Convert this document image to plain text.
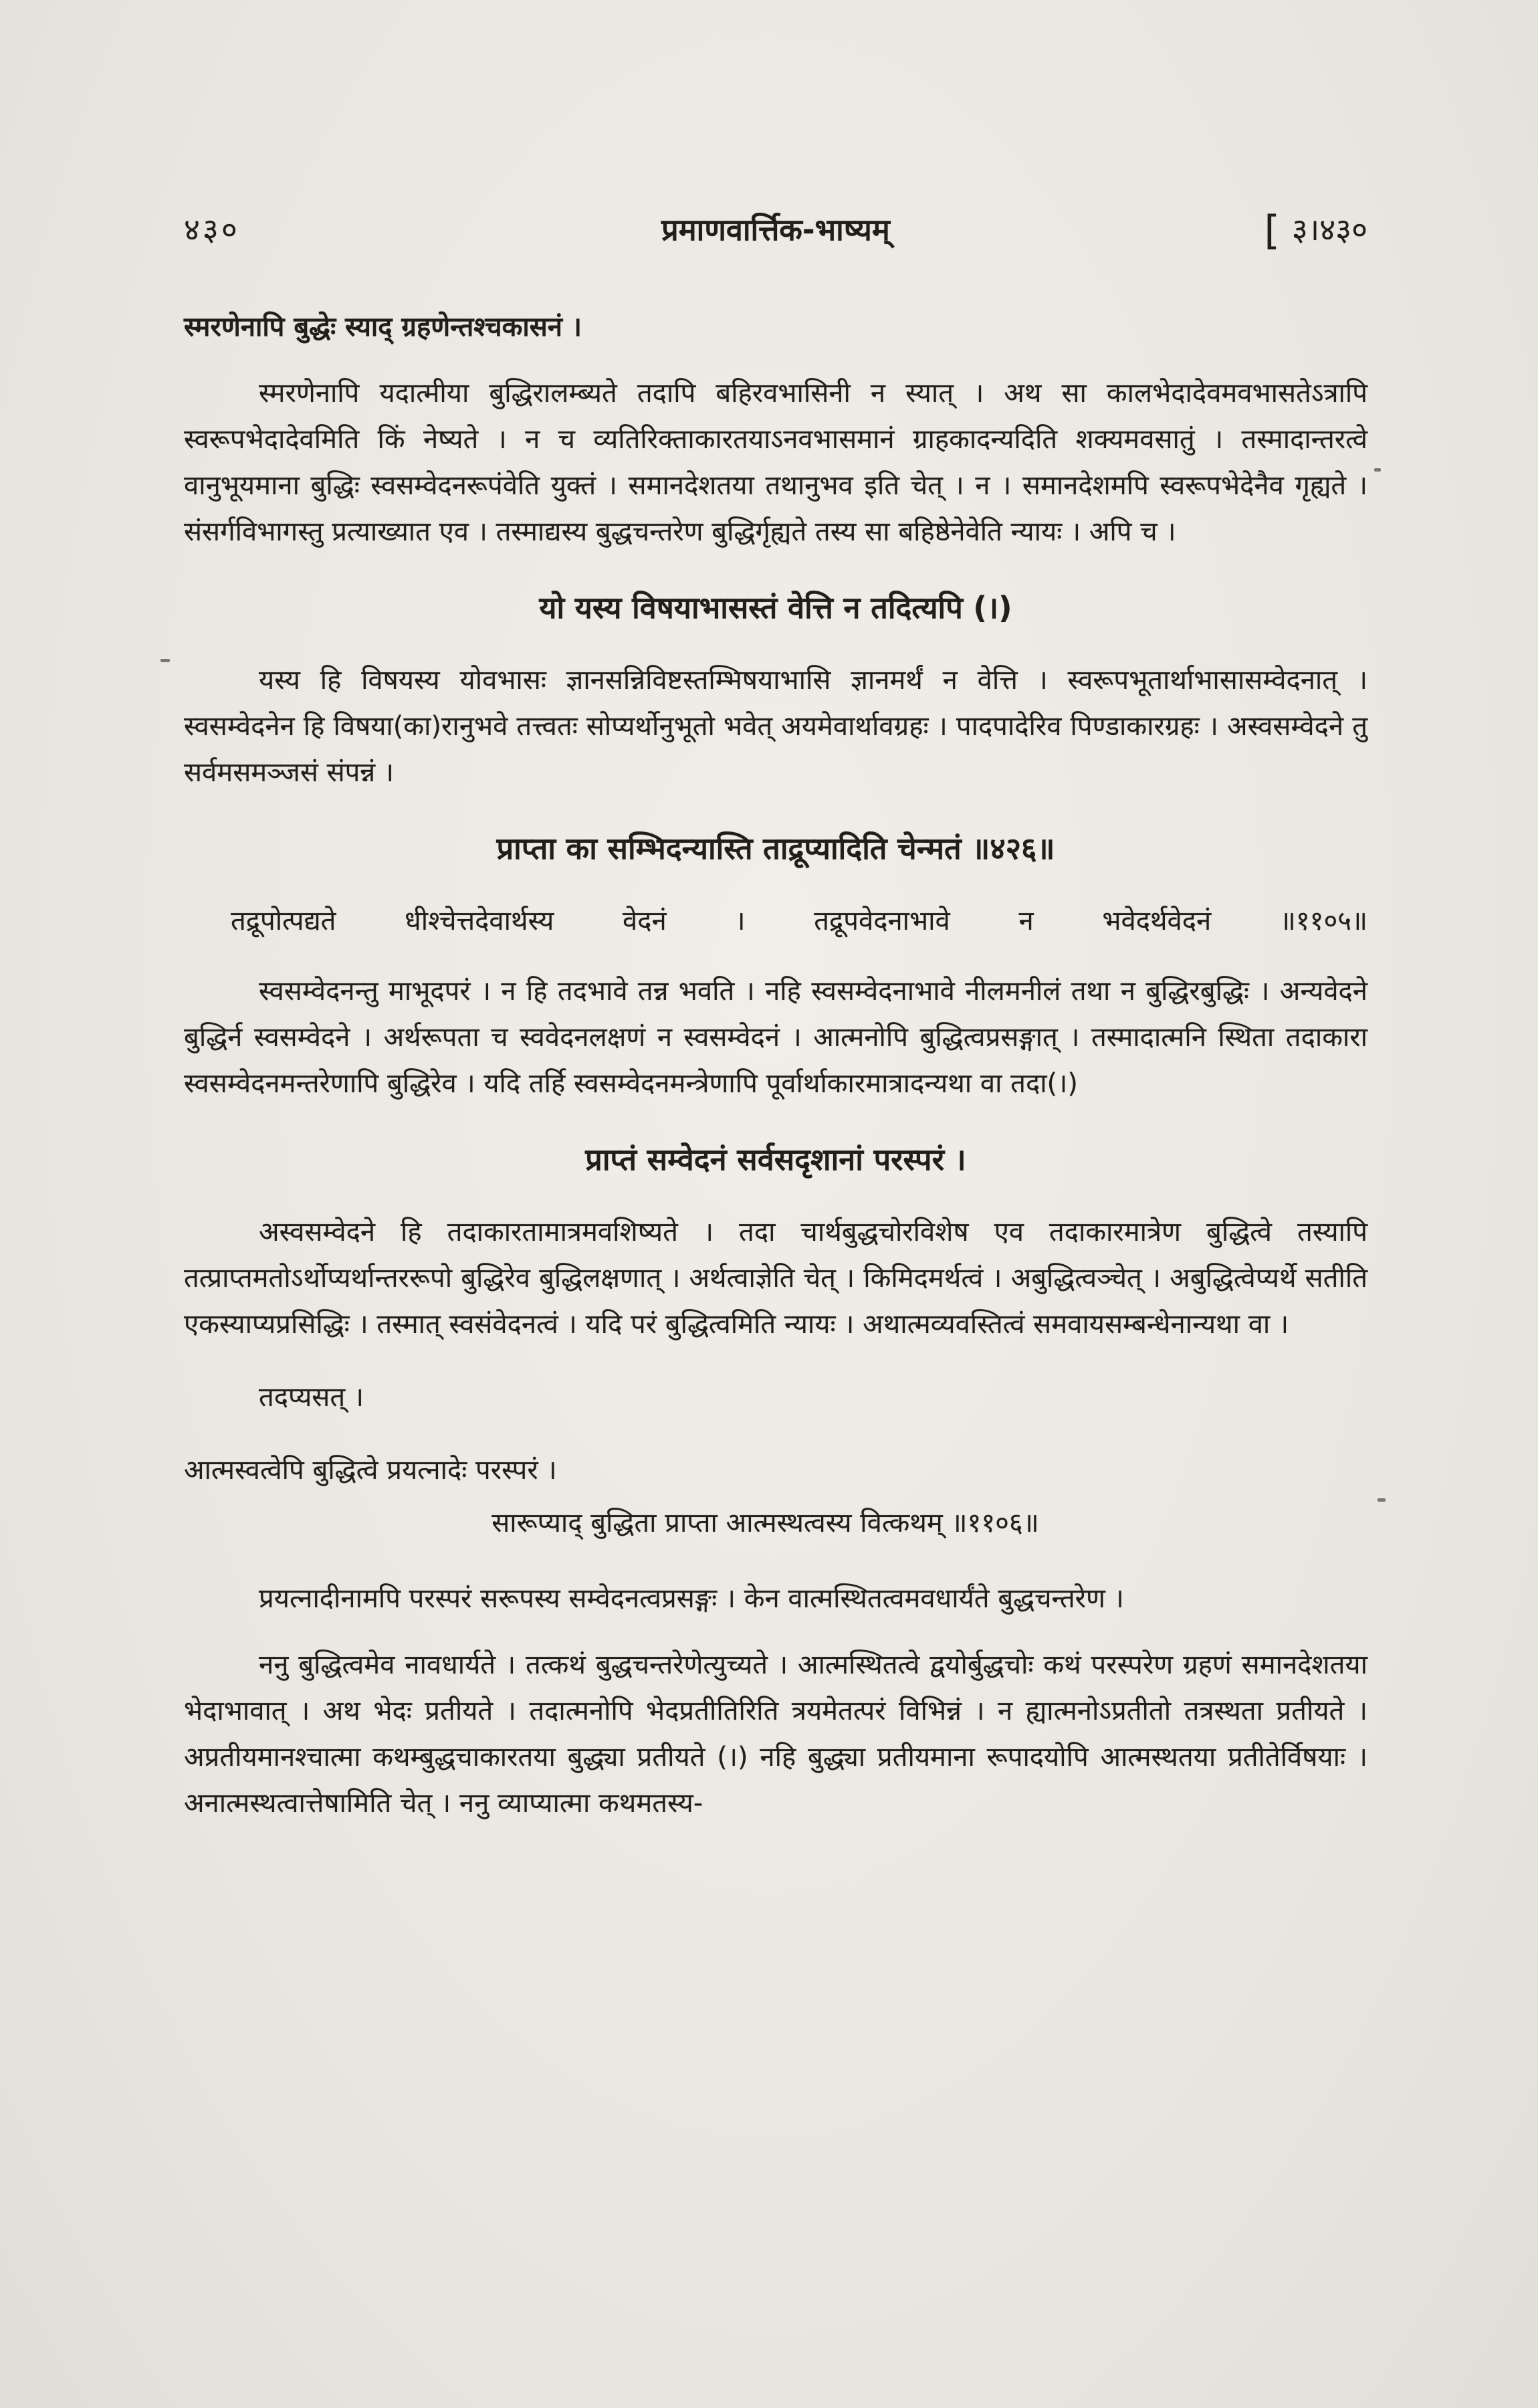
४३०	प्रमाणवार्त्तिक-भाष्यम्	[ ३।४३०

स्मरणेनापि बुद्धेः स्याद् ग्रहणेन्तश्चकासनं ।

स्मरणेनापि यदात्मीया बुद्धिरालम्ब्यते तदापि बहिरवभासिनी न स्यात् । अथ सा कालभेदादेवमवभासतेऽत्रापि स्वरूपभेदादेवमिति किं नेष्यते । न च व्यतिरिक्ताकारतयाऽनवभासमानं ग्राहकादन्यदिति शक्यमवसातुं । तस्मादान्तरत्वे वानुभूयमाना बुद्धिः स्वसम्वेदनरूपंवेति युक्तं । समानदेशतया तथानुभव इति चेत् । न । समानदेशमपि स्वरूपभेदेनैव गृह्यते । संसर्गविभागस्तु प्रत्याख्यात एव । तस्माद्यस्य बुद्धचन्तरेण बुद्धिर्गृह्यते तस्य सा बहिष्ठेनेवेति न्यायः । अपि च ।

यो यस्य विषयाभासस्तं वेत्ति न तदित्यपि (।)

यस्य हि विषयस्य योवभासः ज्ञानसन्निविष्टस्तम्भिषयाभासि ज्ञानमर्थं न वेत्ति । स्वरूपभूतार्थाभासासम्वेदनात् । स्वसम्वेदनेन हि विषया(का)रानुभवे तत्त्वतः सोप्यर्थोनुभूतो भवेत् अयमेवार्थावग्रहः । पादपादेरिव पिण्डाकारग्रहः । अस्वसम्वेदने तु सर्वमसमञ्जसं संपन्नं ।

प्राप्ता का सम्भिदन्यास्ति ताद्रूप्यादिति चेन्मतं ॥४२६॥

तद्रूपोत्पद्यते धीश्चेत्तदेवार्थस्य वेदनं । तद्रूपवेदनाभावे न भवेदर्थवेदनं ॥११०५॥

स्वसम्वेदनन्तु माभूदपरं । न हि तदभावे तन्न भवति । नहि स्वसम्वेदनाभावे नीलमनीलं तथा न बुद्धिरबुद्धिः । अन्यवेदने बुद्धिर्न स्वसम्वेदने । अर्थरूपता च स्ववेदनलक्षणं न स्वसम्वेदनं । आत्मनोपि बुद्धित्वप्रसङ्गात् । तस्मादात्मनि स्थिता तदाकारा स्वसम्वेदनमन्तरेणापि बुद्धिरेव । यदि तर्हि स्वसम्वेदनमन्त्रेणापि पूर्वार्थाकारमात्रादन्यथा वा तदा(।)

प्राप्तं सम्वेदनं सर्वसदृशानां परस्परं ।

अस्वसम्वेदने हि तदाकारतामात्रमवशिष्यते । तदा चार्थबुद्धचोरविशेष एव तदाकारमात्रेण बुद्धित्वे तस्यापि तत्प्राप्तमतोऽर्थोप्यर्थान्तररूपो बुद्धिरेव बुद्धिलक्षणात् । अर्थत्वाज्ञेति चेत् । किमिदमर्थत्वं । अबुद्धित्वञ्चेत् । अबुद्धित्वेप्यर्थे सतीति एकस्याप्यप्रसिद्धिः । तस्मात् स्वसंवेदनत्वं । यदि परं बुद्धित्वमिति न्यायः । अथात्मव्यवस्तित्वं समवायसम्बन्धेनान्यथा वा ।

तदप्यसत् ।

आत्मस्वत्वेपि बुद्धित्वे प्रयत्नादेः परस्परं ।

सारूप्याद् बुद्धिता प्राप्ता आत्मस्थत्वस्य वित्कथम् ॥११०६॥

प्रयत्नादीनामपि परस्परं सरूपस्य सम्वेदनत्वप्रसङ्गः । केन वात्मस्थितत्वमवधार्यंते बुद्धचन्तरेण ।

ननु बुद्धित्वमेव नावधार्यते । तत्कथं बुद्धचन्तरेणेत्युच्यते । आत्मस्थितत्वे द्वयोर्बुद्धचोः कथं परस्परेण ग्रहणं समानदेशतया भेदाभावात् । अथ भेदः प्रतीयते । तदात्मनोपि भेदप्रतीतिरिति त्रयमेतत्परं विभिन्नं । न ह्यात्मनोऽप्रतीतो तत्रस्थता प्रतीयते । अप्रतीयमानश्चात्मा कथम्बुद्धचाकारतया बुद्ध्या प्रतीयते (।) नहि बुद्ध्या प्रतीयमाना रूपादयोपि आत्मस्थतया प्रतीतेर्विषयाः । अनात्मस्थत्वात्तेषामिति चेत् । ननु व्याप्यात्मा कथमतस्य-
